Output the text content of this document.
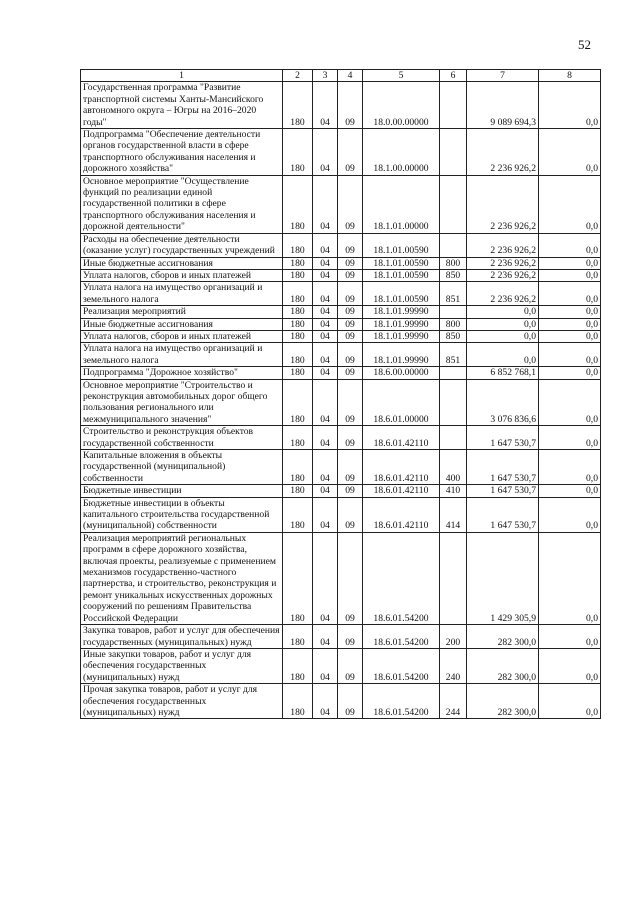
52
1	2	3	4	5	6	7	8
Государственная программа "Развитие транспортной системы Ханты-Мансийского автономного округа – Югры на 2016–2020 годы"	180	04	09	18.0.00.00000		9 089 694,3	0,0
Подпрограмма "Обеспечение деятельности органов государственной власти в сфере транспортного обслуживания населения и дорожного хозяйства"	180	04	09	18.1.00.00000		2 236 926,2	0,0
Основное мероприятие "Осуществление функций по реализации единой государственной политики в сфере транспортного обслуживания населения и дорожной деятельности"	180	04	09	18.1.01.00000		2 236 926,2	0,0
Расходы на обеспечение деятельности (оказание услуг) государственных учреждений	180	04	09	18.1.01.00590		2 236 926,2	0,0
Иные бюджетные ассигнования	180	04	09	18.1.01.00590	800	2 236 926,2	0,0
Уплата налогов, сборов и иных платежей	180	04	09	18.1.01.00590	850	2 236 926,2	0,0
Уплата налога на имущество организаций и земельного налога	180	04	09	18.1.01.00590	851	2 236 926,2	0,0
Реализация мероприятий	180	04	09	18.1.01.99990		0,0	0,0
Иные бюджетные ассигнования	180	04	09	18.1.01.99990	800	0,0	0,0
Уплата налогов, сборов и иных платежей	180	04	09	18.1.01.99990	850	0,0	0,0
Уплата налога на имущество организаций и земельного налога	180	04	09	18.1.01.99990	851	0,0	0,0
Подпрограмма "Дорожное хозяйство"	180	04	09	18.6.00.00000		6 852 768,1	0,0
Основное мероприятие "Строительство и реконструкция автомобильных дорог общего пользования регионального или межмуниципального значения"	180	04	09	18.6.01.00000		3 076 836,6	0,0
Строительство и реконструкция объектов государственной собственности	180	04	09	18.6.01.42110		1 647 530,7	0,0
Капитальные вложения в объекты государственной (муниципальной) собственности	180	04	09	18.6.01.42110	400	1 647 530,7	0,0
Бюджетные инвестиции	180	04	09	18.6.01.42110	410	1 647 530,7	0,0
Бюджетные инвестиции в объекты капитального строительства государственной (муниципальной) собственности	180	04	09	18.6.01.42110	414	1 647 530,7	0,0
Реализация мероприятий региональных программ в сфере дорожного хозяйства, включая проекты, реализуемые с применением механизмов государственно-частного партнерства, и строительство, реконструкция и ремонт уникальных искусственных дорожных сооружений по решениям Правительства Российской Федерации	180	04	09	18.6.01.54200		1 429 305,9	0,0
Закупка товаров, работ и услуг для обеспечения государственных (муниципальных) нужд	180	04	09	18.6.01.54200	200	282 300,0	0,0
Иные закупки товаров, работ и услуг для обеспечения государственных (муниципальных) нужд	180	04	09	18.6.01.54200	240	282 300,0	0,0
Прочая закупка товаров, работ и услуг для обеспечения государственных (муниципальных) нужд	180	04	09	18.6.01.54200	244	282 300,0	0,0
